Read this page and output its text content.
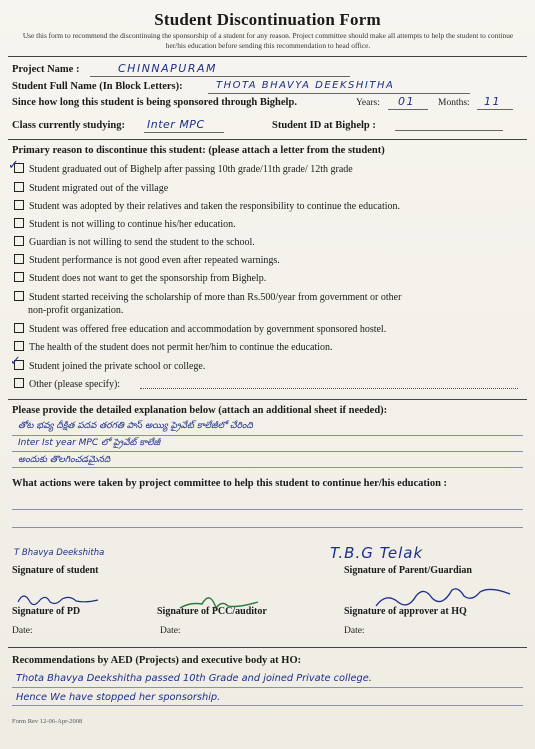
Student Discontinuation Form
Use this form to recommend the discontinuing the sponsorship of a student for any reason. Project committee should make all attempts to help the student to continue her/his education before sending this recommendation to head office.
Project Name :	CHINNAPURAM
Student Full Name (In Block Letters):	THOTA BHAVYA DEEKSHITHA
Since how long this student is being sponsored through Bighelp.	Years: 01 Months: 11
Class currently studying: Inter MPC	Student ID at Bighelp :
Primary reason to discontinue this student: (please attach a letter from the student)
Student graduated out of Bighelp after passing 10th grade/11th grade/ 12th grade
✓
Student migrated out of the village
Student was adopted by their relatives and taken the responsibility to continue the education.
Student is not willing to continue his/her education.
Guardian is not willing to send the student to the school.
Student performance is not good even after repeated warnings.
Student does not want to get the sponsorship from Bighelp.
Student started receiving the scholarship of more than Rs.500/year from government or other
non-profit organization.
Student was offered free education and accommodation by government sponsored hostel.
The health of the student does not permit her/him to continue the education.
Student joined the private school or college.
✓
Other (please specify):
Please provide the detailed explanation below (attach an additional sheet if needed):
తోట భవ్య దీక్షిత పదవ తరగతి పాస్ అయ్యి ప్రైవేట్ కాలేజీలో చేరింది
Inter Ist year MPC లో ప్రైవేట్ కాలేజీ
అందుకు తొలగించడమైనది
What actions were taken by project committee to help this student to continue her/his education :
T Bhavya Deekshitha
Signature of student
T.B.G Telak
Signature of Parent/Guardian
Signature of PD	Signature of PCC/auditor	Signature of approver at HQ
Date:	Date:	Date:
Recommendations by AED (Projects) and executive body at HO:
Thota Bhavya Deekshitha passed 10th Grade and joined Private college.
Hence We have stopped her sponsorship.
Form Rev 12-06-Apr-2008
